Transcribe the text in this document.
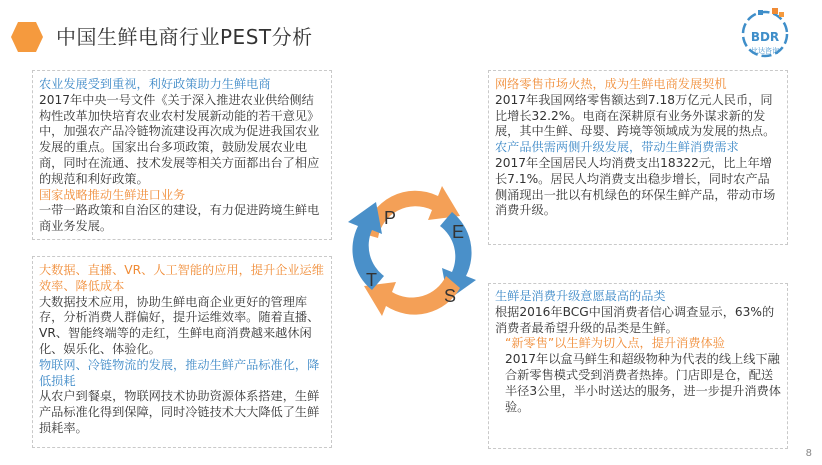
中国生鲜电商行业PEST分析	BDR
比达咨询

农业发展受到重视，利好政策助力生鲜电商

2017年中央一号文件《关于深入推进农业供给侧结构性改革加快培育农业农村发展新动能的若干意见》中，加强农产品冷链物流建设再次成为促进我国农业发展的重点。国家出台多项政策，鼓励发展农业电商，同时在流通、技术发展等相关方面都出台了相应的规范和利好政策。

国家战略推动生鲜进口业务

一带一路政策和自治区的建设，有力促进跨境生鲜电商业务发展。

网络零售市场火热，成为生鲜电商发展契机

2017年我国网络零售额达到7.18万亿元人民币，同比增长32.2%。电商在深耕原有业务外谋求新的发展，其中生鲜、母婴、跨境等领域成为发展的热点。

农产品供需两侧升级发展，带动生鲜消费需求

2017年全国居民人均消费支出18322元，比上年增长7.1%。居民人均消费支出稳步增长，同时农产品侧涌现出一批以有机绿色的环保生鲜产品，带动市场消费升级。

大数据、直播、VR、人工智能的应用，提升企业运维效率、降低成本

大数据技术应用，协助生鲜电商企业更好的管理库存，分析消费人群偏好，提升运维效率。随着直播、VR、智能终端等的走红，生鲜电商消费越来越休闲化、娱乐化、体验化。

物联网、冷链物流的发展，推动生鲜产品标准化，降低损耗

从农户到餐桌，物联网技术协助资源体系搭建，生鲜产品标准化得到保障，同时冷链技术大大降低了生鲜损耗率。

生鲜是消费升级意愿最高的品类

根据2016年BCG中国消费者信心调查显示，63%的消费者最希望升级的品类是生鲜。

“新零售”以生鲜为切入点，提升消费体验

2017年以盒马鲜生和超级物种为代表的线上线下融合新零售模式受到消费者热捧。门店即是仓，配送半径3公里，半小时送达的服务，进一步提升消费体验。

P
E
S
T
8
